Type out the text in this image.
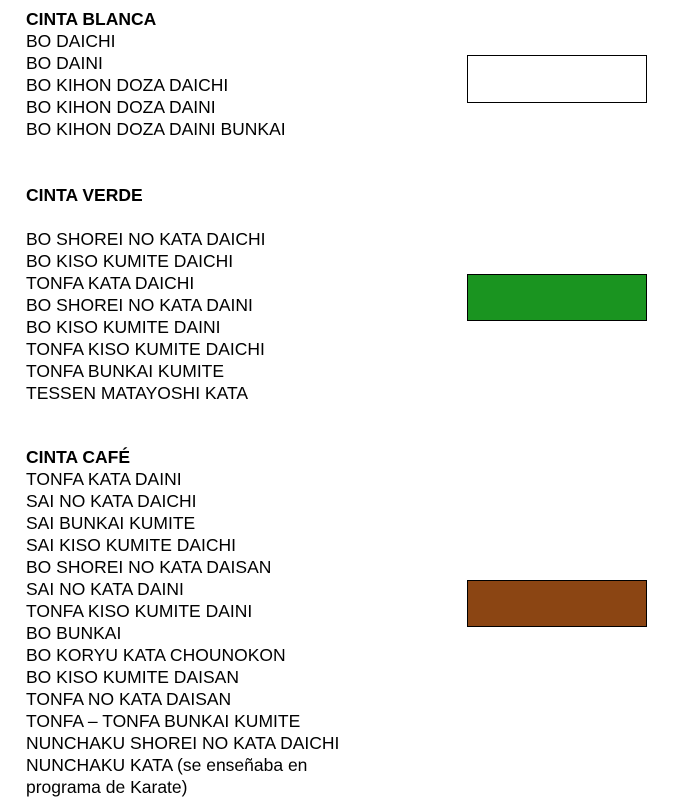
CINTA BLANCA
BO DAICHI
BO DAINI
BO KIHON DOZA DAICHI
BO KIHON DOZA DAINI
BO KIHON DOZA DAINI BUNKAI
CINTA VERDE
BO SHOREI NO KATA DAICHI
BO KISO KUMITE DAICHI
TONFA KATA DAICHI
BO SHOREI NO KATA DAINI
BO KISO KUMITE DAINI
TONFA KISO KUMITE DAICHI
TONFA BUNKAI KUMITE
TESSEN MATAYOSHI KATA
CINTA CAFÉ
TONFA KATA DAINI
SAI NO KATA DAICHI
SAI BUNKAI KUMITE
SAI KISO KUMITE DAICHI
BO SHOREI NO KATA DAISAN
SAI NO KATA DAINI
TONFA KISO KUMITE DAINI
BO BUNKAI
BO KORYU KATA CHOUNOKON
BO KISO KUMITE DAISAN
TONFA NO KATA DAISAN
TONFA – TONFA BUNKAI KUMITE
NUNCHAKU SHOREI NO KATA DAICHI
NUNCHAKU KATA (se enseñaba en
programa de Karate)
